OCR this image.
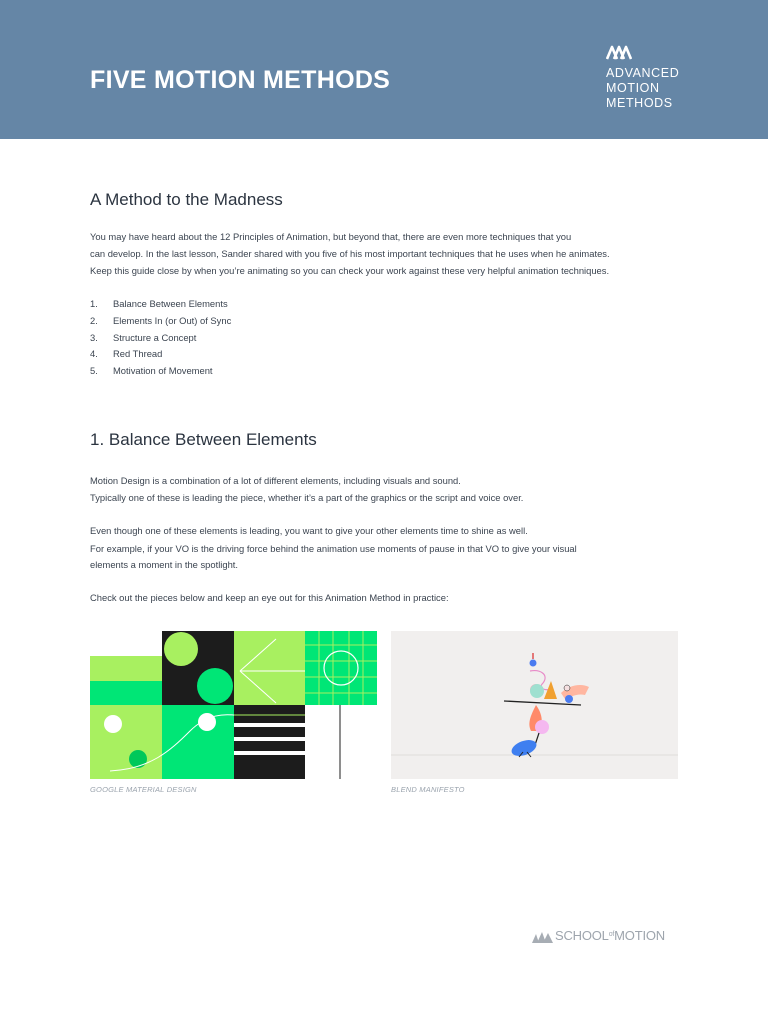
FIVE MOTION METHODS	ADVANCED
MOTION
METHODS
A Method to the Madness

You may have heard about the 12 Principles of Animation, but beyond that, there are even more techniques that you

can develop. In the last lesson, Sander shared with you five of his most important techniques that he uses when he animates.

Keep this guide close by when you’re animating so you can check your work against these very helpful animation techniques.

1. Balance Between Elements
2. Elements In (or Out) of Sync
3. Structure a Concept
4. Red Thread
5. Motivation of Movement
1. Balance Between Elements

Motion Design is a combination of a lot of different elements, including visuals and sound.

Typically one of these is leading the piece, whether it’s a part of the graphics or the script and voice over.

Even though one of these elements is leading, you want to give your other elements time to shine as well.

For example, if your VO is the driving force behind the animation use moments of pause in that VO to give your visual

elements a moment in the spotlight.

Check out the pieces below and keep an eye out for this Animation Method in practice:

GOOGLE MATERIAL DESIGN	BLEND MANIFESTO
$SCHOOL^{of}MOTION$
